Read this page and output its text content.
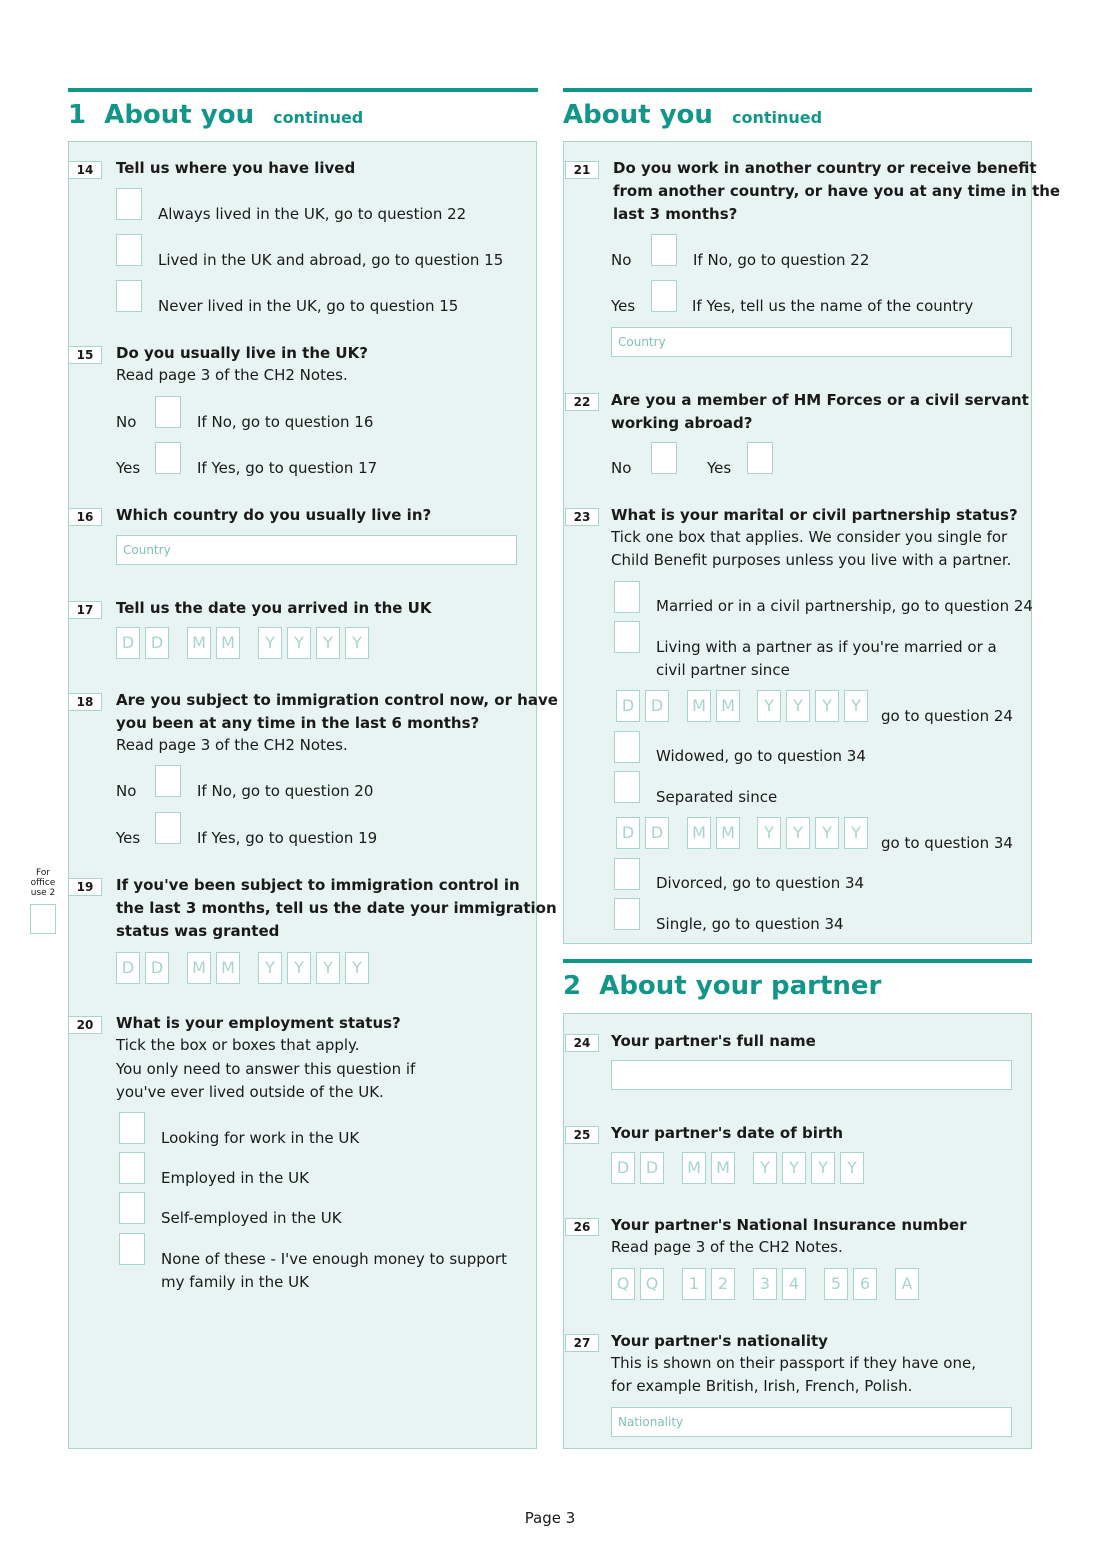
1 About you continued	About you continued
14	Tell us where you have lived
Always lived in the UK, go to question 22
Lived in the UK and abroad, go to question 15
Never lived in the UK, go to question 15
15	Do you usually live in the UK?
Read page 3 of the CH2 Notes.
No	If No, go to question 16
Yes	If Yes, go to question 17
16	Which country do you usually live in?
Country
17	Tell us the date you arrived in the UK
D	D	M M	Y	Y	Y	Y
18	Are you subject to immigration control now, or have
you been at any time in the last 6 months?
Read page 3 of the CH2 Notes.
No	If No, go to question 20
Yes	If Yes, go to question 19
For
office
use 2	19	If you've been subject to immigration control in
the last 3 months, tell us the date your immigration
status was granted
D	D	M M	Y	Y	Y	Y
20	What is your employment status?
Tick the box or boxes that apply.
You only need to answer this question if
you've ever lived outside of the UK.
Looking for work in the UK
Employed in the UK
Self-employed in the UK
None of these - I've enough money to support
my family in the UK
21	Do you work in another country or receive benefit
from another country, or have you at any time in the
last 3 months?
No	If No, go to question 22
Yes	If Yes, tell us the name of the country
Country
22	Are you a member of HM Forces or a civil servant
working abroad?
No	Yes
23	What is your marital or civil partnership status?
Tick one box that applies. We consider you single for
Child Benefit purposes unless you live with a partner.
Married or in a civil partnership, go to question 24
Living with a partner as if you're married or a
civil partner since
D	D	M M	Y	Y	Y	Y
go to question 24
Widowed, go to question 34
Separated since
D	D	M M	Y	Y	Y	Y
go to question 34
Divorced, go to question 34
Single, go to question 34
2 About your partner
24	Your partner's full name
25	Your partner's date of birth
D	D	M M	Y	Y	Y	Y
26	Your partner's National Insurance number
Read page 3 of the CH2 Notes.
Q	Q	1	2	3	4	5	6	A
27	Your partner's nationality
This is shown on their passport if they have one,
for example British, Irish, French, Polish.
Nationality
Page 3
